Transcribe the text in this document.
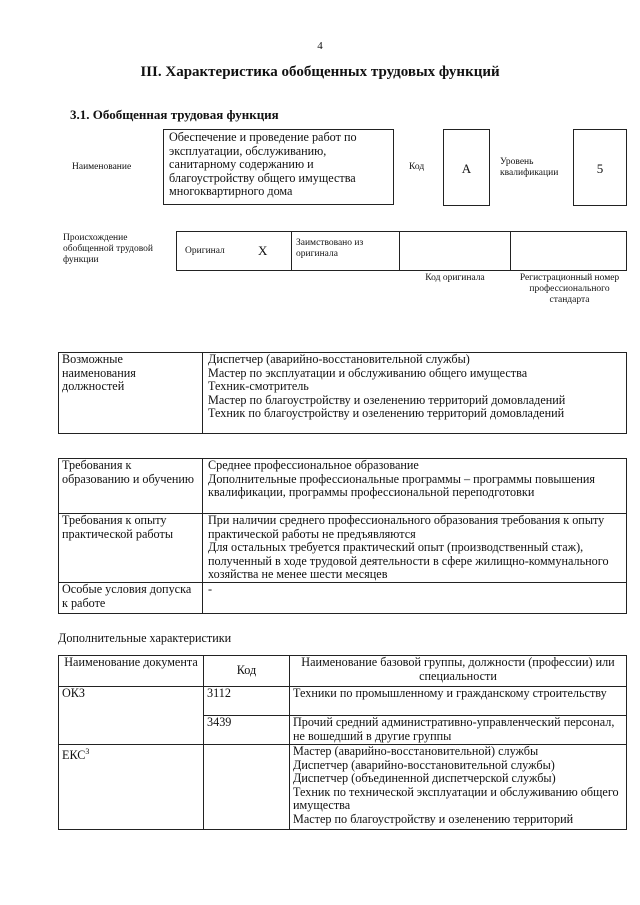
4
III. Характеристика обобщенных трудовых функций
3.1. Обобщенная трудовая функция
Наименование
Обеспечение и проведение работ по эксплуатации, обслуживанию, санитарному содержанию и благоустройству общего имущества многоквартирного дома
Код	А	Уровень квалификации	5
Происхождение обобщенной трудовой функции
Оригинал	X	Заимствовано из оригинала
Код оригинала	Регистрационный номер профессионального стандарта
Возможные наименования должностей	
Диспетчер (аварийно-восстановительной службы)
Мастер по эксплуатации и обслуживанию общего имущества
Техник-смотритель
Мастер по благоустройству и озеленению территорий домовладений
Техник по благоустройству и озеленению территорий домовладений
Требования к образованию и обучению	Среднее профессиональное образование
Дополнительные профессиональные программы – программы повышения квалификации, программы профессиональной переподготовки
Требования к опыту практической работы	При наличии среднего профессионального образования требования к опыту практической работы не предъявляются
Для остальных требуется практический опыт (производственный стаж), полученный в ходе трудовой деятельности в сфере жилищно-коммунального хозяйства не менее шести месяцев
Особые условия допуска к работе	-
Дополнительные характеристики
Наименование документа	Код	Наименование базовой группы, должности (профессии) или специальности
ОКЗ	3112	Техники по промышленному и гражданскому строительству
	3439	Прочий средний административно-управленческий персонал, не вошедший в другие группы
ЕКС$^3$		Мастер (аварийно-восстановительной) службы
Диспетчер (аварийно-восстановительной службы)
Диспетчер (объединенной диспетчерской службы)
Техник по технической эксплуатации и обслуживанию общего имущества
Мастер по благоустройству и озеленению территорий
